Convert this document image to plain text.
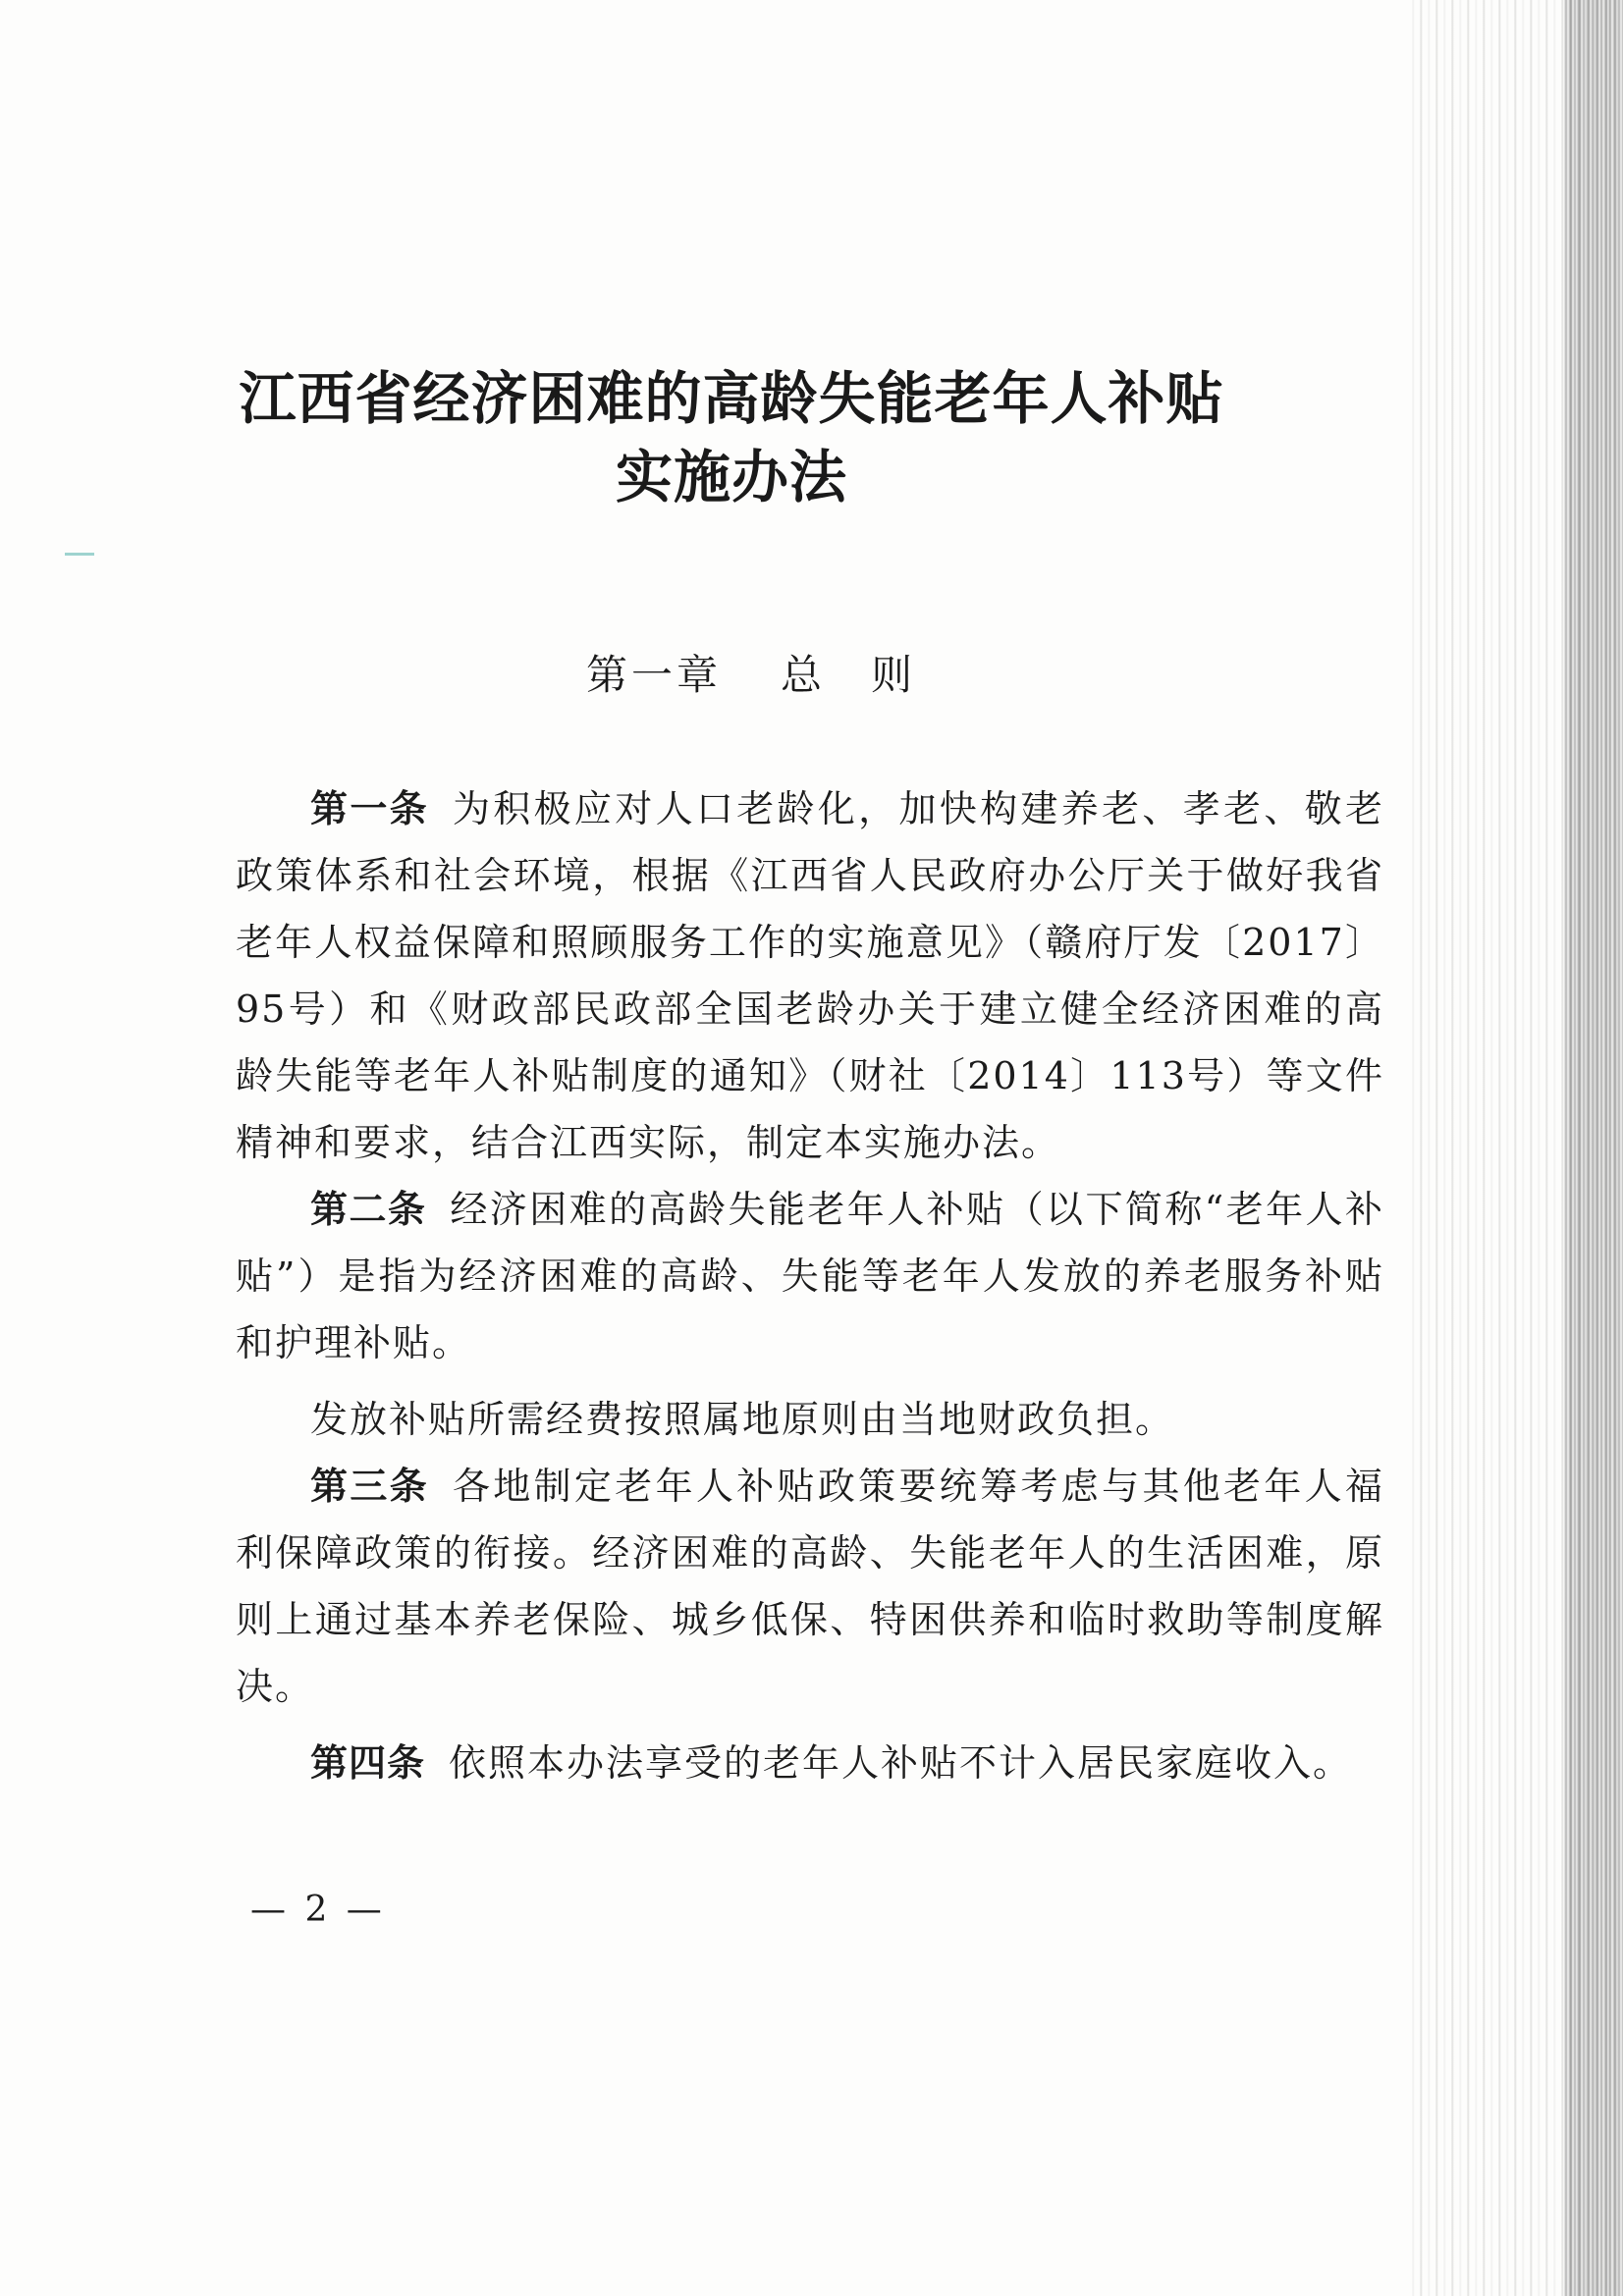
江西省经济困难的高龄失能老年人补贴
实施办法
第一章 总　则

第一条 为积极应对人口老龄化，加快构建养老、孝老、敬老政策体系和社会环境，根据《江西省人民政府办公厅关于做好我省老年人权益保障和照顾服务工作的实施意见》（赣府厅发〔2017〕95号）和《财政部民政部全国老龄办关于建立健全经济困难的高龄失能等老年人补贴制度的通知》（财社〔2014〕113号）等文件精神和要求，结合江西实际，制定本实施办法。

第二条 经济困难的高龄失能老年人补贴（以下简称“老年人补贴”）是指为经济困难的高龄、失能等老年人发放的养老服务补贴和护理补贴。

发放补贴所需经费按照属地原则由当地财政负担。

第三条 各地制定老年人补贴政策要统筹考虑与其他老年人福利保障政策的衔接。经济困难的高龄、失能老年人的生活困难，原则上通过基本养老保险、城乡低保、特困供养和临时救助等制度解决。

第四条 依照本办法享受的老年人补贴不计入居民家庭收入。

— 2 —
